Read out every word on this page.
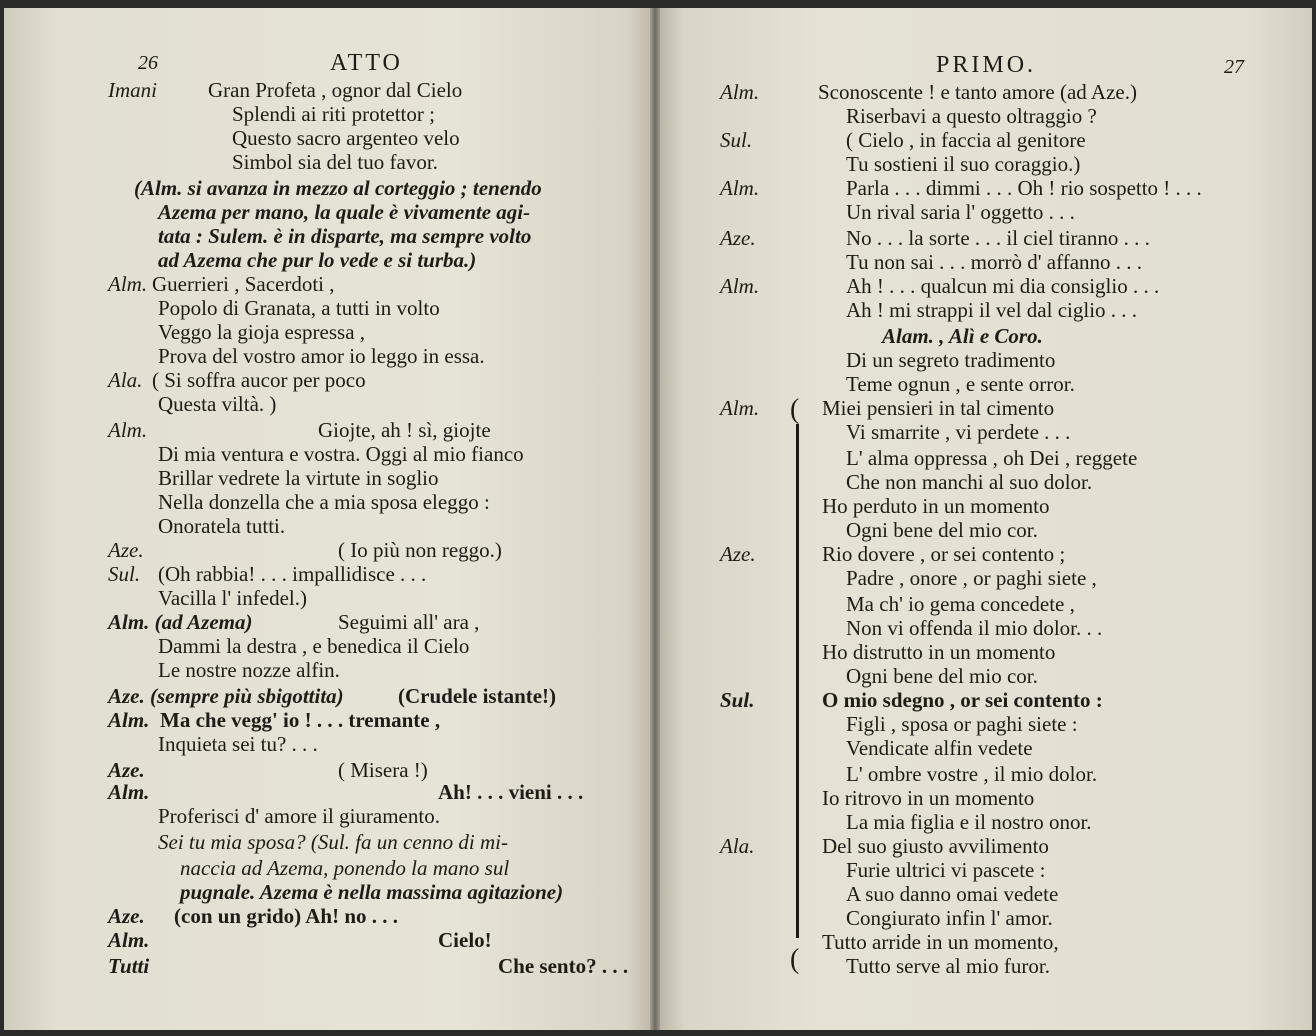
26	ATTO	PRIMO.	27
Imani Gran Profeta , ognor dal Cielo
Splendi ai riti protettor ;
Questo sacro argenteo velo
Simbol sia del tuo favor.
(Alm. si avanza in mezzo al corteggio ; tenendo
Azema per mano, la quale è vivamente agi-
tata : Sulem. è in disparte, ma sempre volto
ad Azema che pur lo vede e si turba.)
Alm. Guerrieri , Sacerdoti ,
Popolo di Granata, a tutti in volto
Veggo la gioja espressa ,
Prova del vostro amor io leggo in essa.
Ala. ( Si soffra aucor per poco
Questa viltà. )
Alm.	Giojte, ah ! sì, giojte
Di mia ventura e vostra. Oggi al mio fianco
Brillar vedrete la virtute in soglio
Nella donzella che a mia sposa eleggo :
Onoratela tutti.
Aze.	( Io più non reggo.)
Sul. (Oh rabbia! . . . impallidisce . . .
Vacilla l' infedel.)
Alm. (ad Azema)	Seguimi all' ara ,
Dammi la destra , e benedica il Cielo
Le nostre nozze alfin.
Aze. (sempre più sbigottita)	(Crudele istante!)
Alm. Ma che vegg' io ! . . . tremante ,
Inquieta sei tu? . . .
Aze.	( Misera !)
Alm.	Ah! . . . vieni . . .
Proferisci d' amore il giuramento.
Sei tu mia sposa? (Sul. fa un cenno di mi-
naccia ad Azema, ponendo la mano sul
pugnale. Azema è nella massima agitazione)
Aze. (con un grido) Ah! no . . .
Alm.	Cielo!
Tutti	Che sento? . . .
Alm.	Sconoscente ! e tanto amore (ad Aze.)
Riserbavi a questo oltraggio ?
Sul.	( Cielo , in faccia al genitore
Tu sostieni il suo coraggio.)
Alm.	Parla . . . dimmi . . . Oh ! rio sospetto ! . . .
Un rival saria l' oggetto . . .
Aze.	No . . . la sorte . . . il ciel tiranno . . .
Tu non sai . . . morrò d' affanno . . .
Alm.	Ah ! . . . qualcun mi dia consiglio . . .
Ah ! mi strappi il vel dal ciglio . . .
Alam. , Alì e Coro.
Di un segreto tradimento
Teme ognun , e sente orror.
Alm.	Miei pensieri in tal cimento
Vi smarrite , vi perdete . . .
L' alma oppressa , oh Dei , reggete
Che non manchi al suo dolor.
Ho perduto in un momento
Ogni bene del mio cor.
Aze.	Rio dovere , or sei contento ;
Padre , onore , or paghi siete ,
Ma ch' io gema concedete ,
Non vi offenda il mio dolor. . .
Ho distrutto in un momento
Ogni bene del mio cor.
Sul.	O mio sdegno , or sei contento :
Figli , sposa or paghi siete :
Vendicate alfin vedete
L' ombre vostre , il mio dolor.
Io ritrovo in un momento
La mia figlia e il nostro onor.
Ala.	Del suo giusto avvilimento
Furie ultrici vi pascete :
A suo danno omai vedete
Congiurato infin l' amor.
Tutto arride in un momento,
Tutto serve al mio furor.
(
(
